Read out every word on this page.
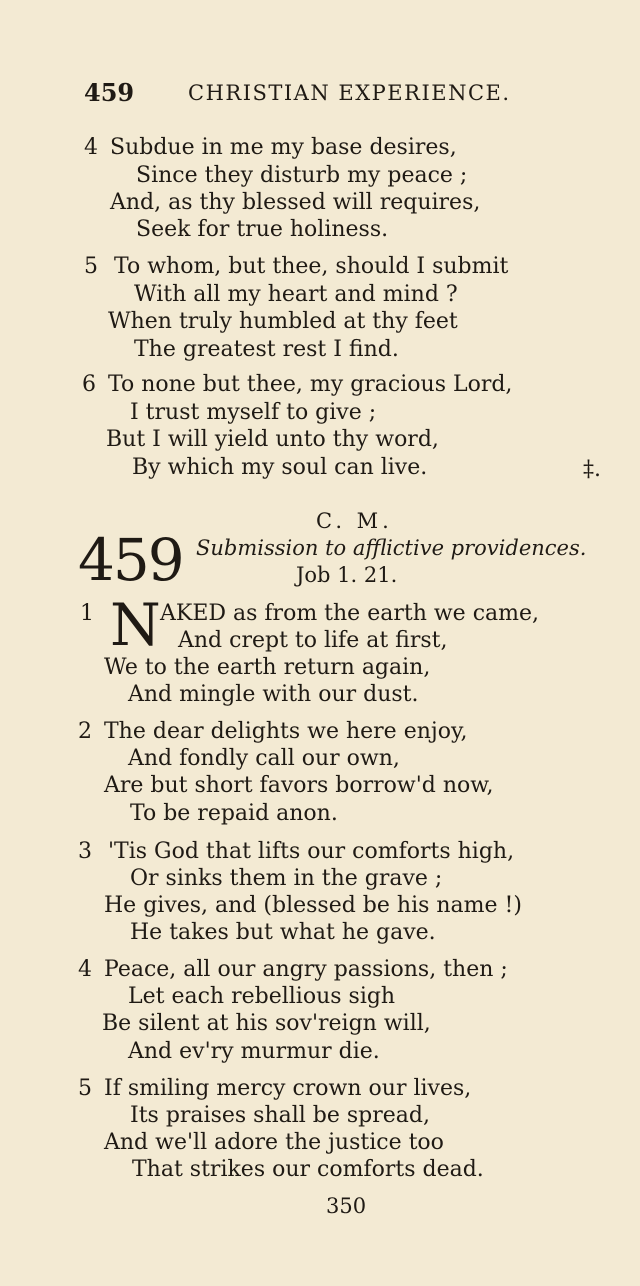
459	CHRISTIAN EXPERIENCE.
4 Subdue in me my base desires,
Since they disturb my peace ;
And, as thy blessed will requires,
Seek for true holiness.
5 To whom, but thee, should I submit
With all my heart and mind ?
When truly humbled at thy feet
The greatest rest I find.
6 To none but thee, my gracious Lord,
I trust myself to give ;
But I will yield unto thy word,
By which my soul can live.	‡.
C. M.
459 Submission to afflictive providences.
Job 1. 21.
1 N AKED as from the earth we came,
And crept to life at first,
We to the earth return again,
And mingle with our dust.
2 The dear delights we here enjoy,
And fondly call our own,
Are but short favors borrow'd now,
To be repaid anon.
3 'Tis God that lifts our comforts high,
Or sinks them in the grave ;
He gives, and (blessed be his name !)
He takes but what he gave.
4 Peace, all our angry passions, then ;
Let each rebellious sigh
Be silent at his sov'reign will,
And ev'ry murmur die.
5 If smiling mercy crown our lives,
Its praises shall be spread,
And we'll adore the justice too
That strikes our comforts dead.
350
